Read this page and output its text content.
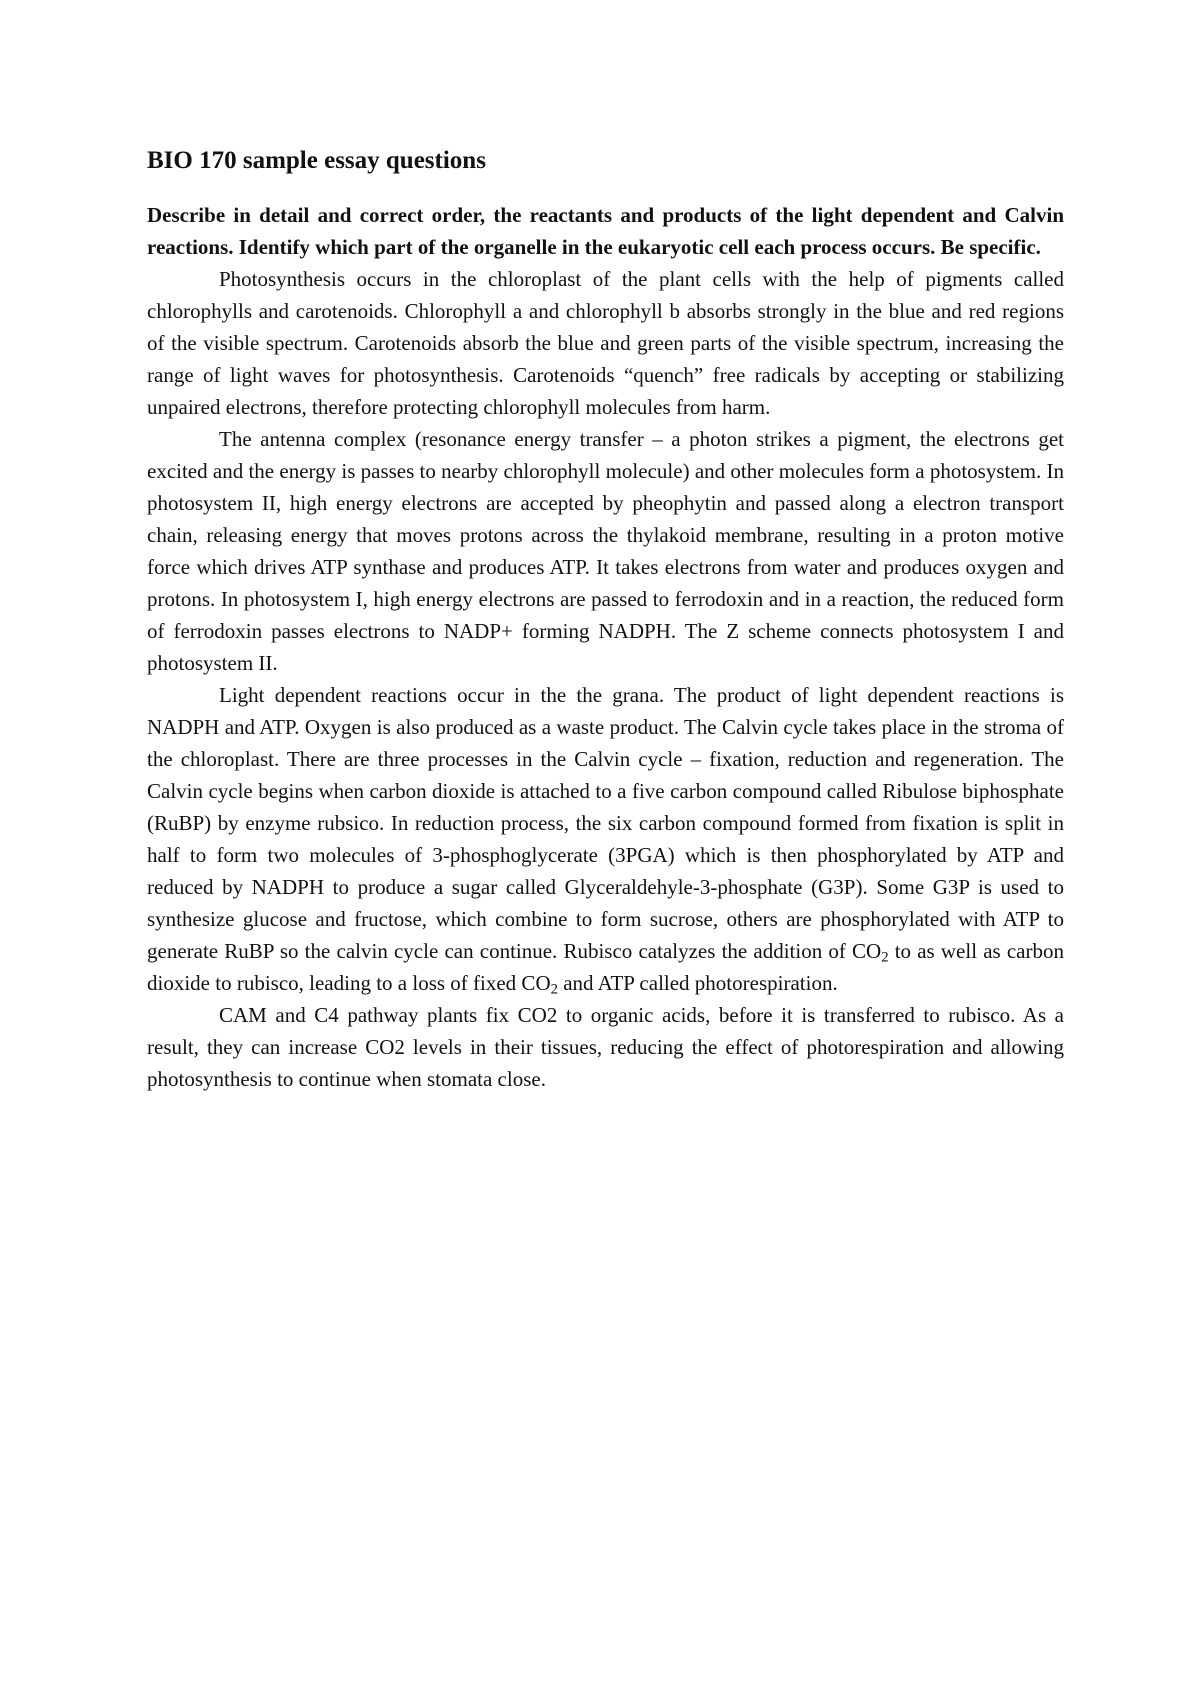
BIO 170 sample essay questions

Describe in detail and correct order, the reactants and products of the light dependent and Calvin reactions. Identify which part of the organelle in the eukaryotic cell each process occurs. Be specific.

Photosynthesis occurs in the chloroplast of the plant cells with the help of pigments called chlorophylls and carotenoids. Chlorophyll a and chlorophyll b absorbs strongly in the blue and red regions of the visible spectrum. Carotenoids absorb the blue and green parts of the visible spectrum, increasing the range of light waves for photosynthesis. Carotenoids “quench” free radicals by accepting or stabilizing unpaired electrons, therefore protecting chlorophyll molecules from harm.

The antenna complex (resonance energy transfer – a photon strikes a pigment, the electrons get excited and the energy is passes to nearby chlorophyll molecule) and other molecules form a photosystem. In photosystem II, high energy electrons are accepted by pheophytin and passed along a electron transport chain, releasing energy that moves protons across the thylakoid membrane, resulting in a proton motive force which drives ATP synthase and produces ATP. It takes electrons from water and produces oxygen and protons. In photosystem I, high energy electrons are passed to ferrodoxin and in a reaction, the reduced form of ferrodoxin passes electrons to NADP+ forming NADPH. The Z scheme connects photosystem I and photosystem II.

Light dependent reactions occur in the the grana. The product of light dependent reactions is NADPH and ATP. Oxygen is also produced as a waste product. The Calvin cycle takes place in the stroma of the chloroplast. There are three processes in the Calvin cycle – fixation, reduction and regeneration. The Calvin cycle begins when carbon dioxide is attached to a five carbon compound called Ribulose biphosphate (RuBP) by enzyme rubsico. In reduction process, the six carbon compound formed from fixation is split in half to form two molecules of 3-phosphoglycerate (3PGA) which is then phosphorylated by ATP and reduced by NADPH to produce a sugar called Glyceraldehyle-3-phosphate (G3P). Some G3P is used to synthesize glucose and fructose, which combine to form sucrose, others are phosphorylated with ATP to generate RuBP so the calvin cycle can continue. Rubisco catalyzes the addition of $CO_2$ to as well as carbon dioxide to rubisco, leading to a loss of fixed $CO_2$ and ATP called photorespiration.

CAM and C4 pathway plants fix CO2 to organic acids, before it is transferred to rubisco. As a result, they can increase CO2 levels in their tissues, reducing the effect of photorespiration and allowing photosynthesis to continue when stomata close.
